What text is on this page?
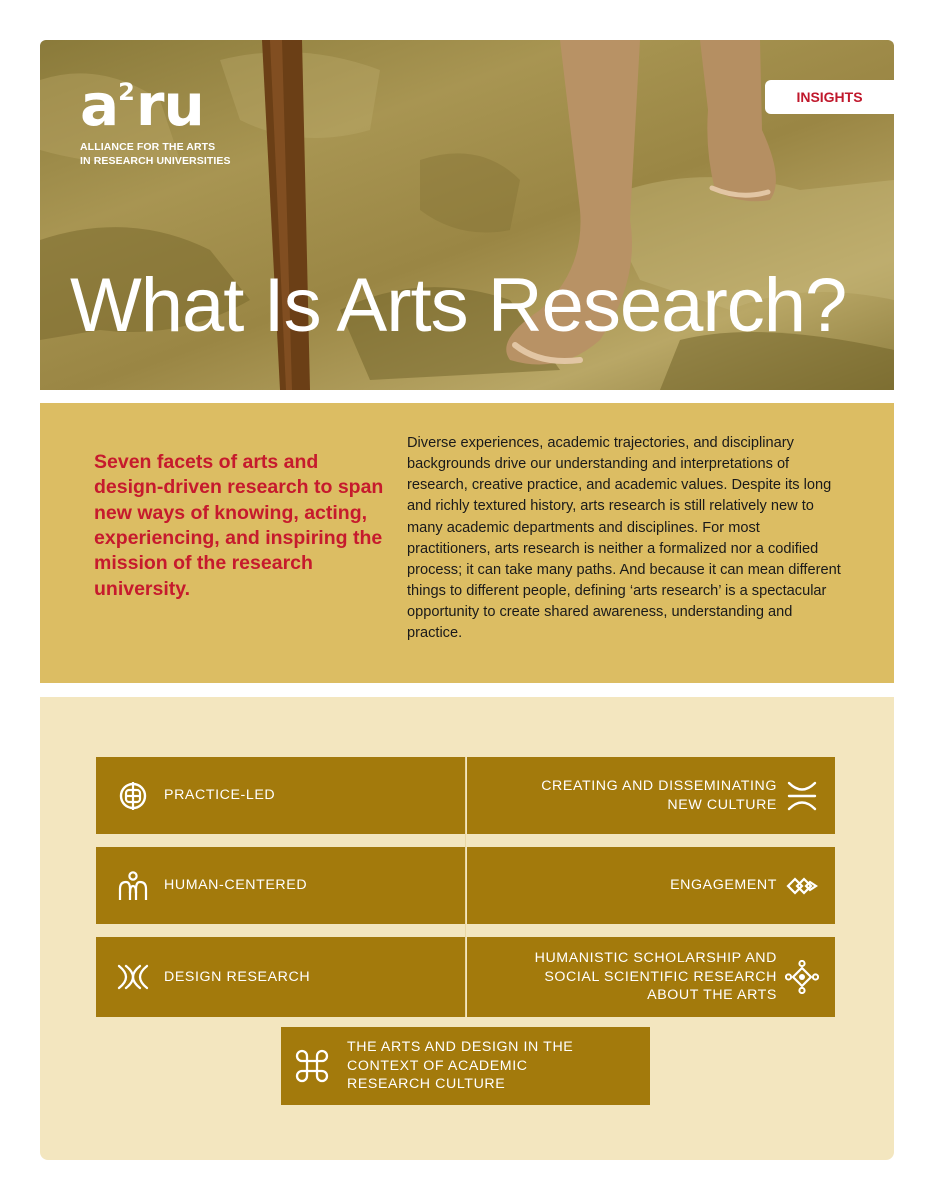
a 2 ru
ALLIANCE FOR THE ARTS
IN RESEARCH UNIVERSITIES
INSIGHTS
What Is Arts Research?

Seven facets of arts and design-driven research to span new ways of knowing, acting, experiencing, and inspiring the mission of the research university.

Diverse experiences, academic trajectories, and disciplinary backgrounds drive our understanding and interpretations of research, creative practice, and academic values. Despite its long and richly textured history, arts research is still relatively new to many academic departments and disciplines. For most practitioners, arts research is neither a formalized nor a codified process; it can take many paths. And because it can mean different things to different people, defining ‘arts research’ is a spectacular opportunity to create shared awareness, understanding and practice.

PRACTICE-LED
CREATING AND DISSEMINATING
NEW CULTURE
HUMAN-CENTERED	ENGAGEMENT
DESIGN RESEARCH
HUMANISTIC SCHOLARSHIP AND
SOCIAL SCIENTIFIC RESEARCH
ABOUT THE ARTS
THE ARTS AND DESIGN IN THE
CONTEXT OF ACADEMIC
RESEARCH CULTURE
